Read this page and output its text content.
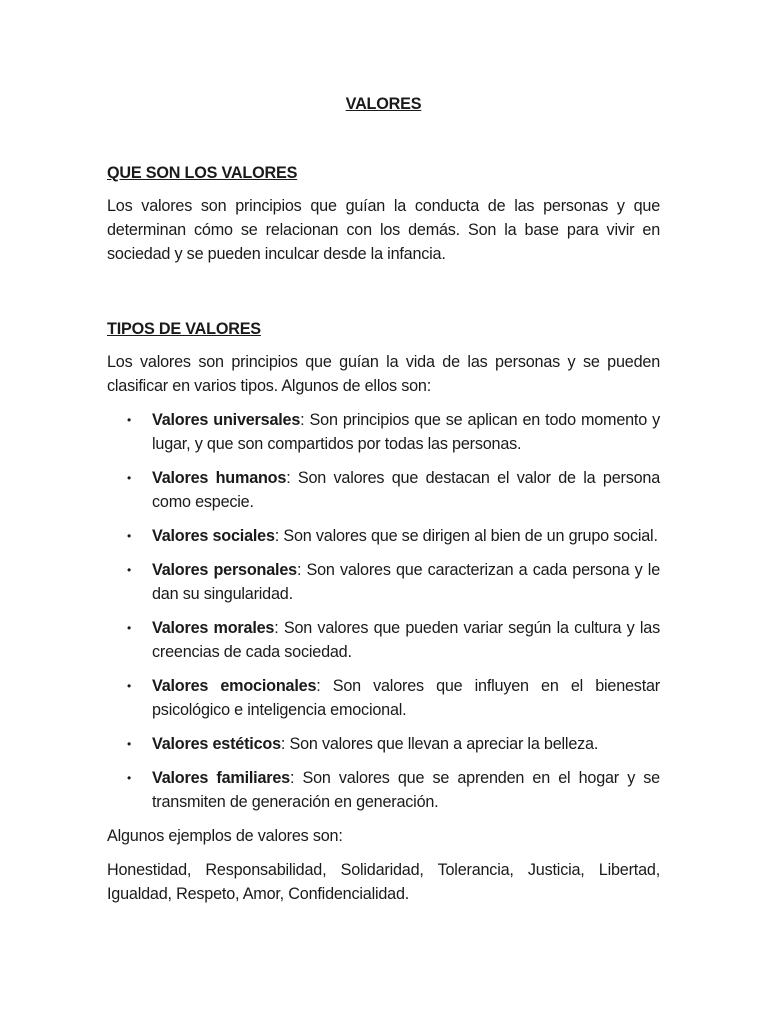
VALORES
QUE SON LOS VALORES

Los valores son principios que guían la conducta de las personas y que determinan cómo se relacionan con los demás. Son la base para vivir en sociedad y se pueden inculcar desde la infancia.

TIPOS DE VALORES

Los valores son principios que guían la vida de las personas y se pueden clasificar en varios tipos. Algunos de ellos son:

• Valores universales: Son principios que se aplican en todo momento y lugar, y que son compartidos por todas las personas.
• Valores humanos: Son valores que destacan el valor de la persona como especie.
• Valores sociales: Son valores que se dirigen al bien de un grupo social.
• Valores personales: Son valores que caracterizan a cada persona y le dan su singularidad.
• Valores morales: Son valores que pueden variar según la cultura y las creencias de cada sociedad.
• Valores emocionales: Son valores que influyen en el bienestar psicológico e inteligencia emocional.
• Valores estéticos: Son valores que llevan a apreciar la belleza.
• Valores familiares: Son valores que se aprenden en el hogar y se transmiten de generación en generación.

Algunos ejemplos de valores son:

Honestidad, Responsabilidad, Solidaridad, Tolerancia, Justicia, Libertad, Igualdad, Respeto, Amor, Confidencialidad.
